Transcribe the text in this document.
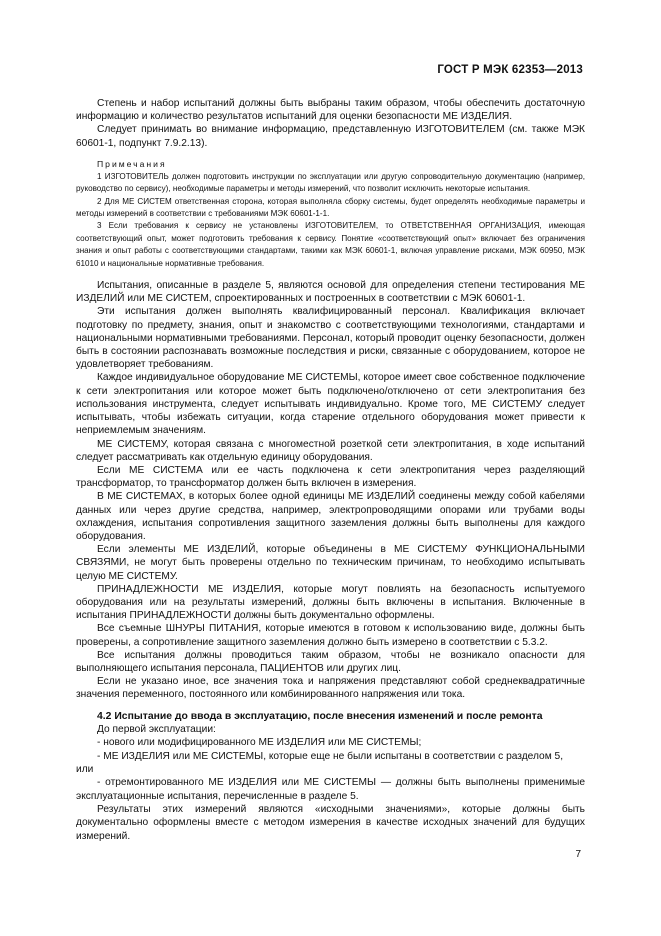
ГОСТ Р МЭК 62353—2013

Степень и набор испытаний должны быть выбраны таким образом, чтобы обеспечить достаточную информацию и количество результатов испытаний для оценки безопасности МЕ ИЗДЕЛИЯ.

Следует принимать во внимание информацию, представленную ИЗГОТОВИТЕЛЕМ (см. также МЭК 60601-1, подпункт 7.9.2.13).

Примечания

1 ИЗГОТОВИТЕЛЬ должен подготовить инструкции по эксплуатации или другую сопроводительную документацию (например, руководство по сервису), необходимые параметры и методы измерений, что позволит исключить некоторые испытания.

2 Для МЕ СИСТЕМ ответственная сторона, которая выполняла сборку системы, будет определять необходимые параметры и методы измерений в соответствии с требованиями МЭК 60601-1-1.

3 Если требования к сервису не установлены ИЗГОТОВИТЕЛЕМ, то ОТВЕТСТВЕННАЯ ОРГАНИЗАЦИЯ, имеющая соответствующий опыт, может подготовить требования к сервису. Понятие «соответствующий опыт» включает без ограничения знания и опыт работы с соответствующими стандартами, такими как МЭК 60601-1, включая управление рисками, МЭК 60950, МЭК 61010 и национальные нормативные требования.

Испытания, описанные в разделе 5, являются основой для определения степени тестирования МЕ ИЗДЕЛИЙ или МЕ СИСТЕМ, спроектированных и построенных в соответствии с МЭК 60601-1.

Эти испытания должен выполнять квалифицированный персонал. Квалификация включает подготовку по предмету, знания, опыт и знакомство с соответствующими технологиями, стандартами и национальными нормативными требованиями. Персонал, который проводит оценку безопасности, должен быть в состоянии распознавать возможные последствия и риски, связанные с оборудованием, которое не удовлетворяет требованиям.

Каждое индивидуальное оборудование МЕ СИСТЕМЫ, которое имеет свое собственное подключение к сети электропитания или которое может быть подключено/отключено от сети электропитания без использования инструмента, следует испытывать индивидуально. Кроме того, МЕ СИСТЕМУ следует испытывать, чтобы избежать ситуации, когда старение отдельного оборудования может привести к неприемлемым значениям.

МЕ СИСТЕМУ, которая связана с многоместной розеткой сети электропитания, в ходе испытаний следует рассматривать как отдельную единицу оборудования.

Если МЕ СИСТЕМА или ее часть подключена к сети электропитания через разделяющий трансформатор, то трансформатор должен быть включен в измерения.

В МЕ СИСТЕМАХ, в которых более одной единицы МЕ ИЗДЕЛИЙ соединены между собой кабелями данных или через другие средства, например, электропроводящими опорами или трубами воды охлаждения, испытания сопротивления защитного заземления должны быть выполнены для каждого оборудования.

Если элементы МЕ ИЗДЕЛИЙ, которые объединены в МЕ СИСТЕМУ ФУНКЦИОНАЛЬНЫМИ СВЯЗЯМИ, не могут быть проверены отдельно по техническим причинам, то необходимо испытывать целую МЕ СИСТЕМУ.

ПРИНАДЛЕЖНОСТИ МЕ ИЗДЕЛИЯ, которые могут повлиять на безопасность испытуемого оборудования или на результаты измерений, должны быть включены в испытания. Включенные в испытания ПРИНАДЛЕЖНОСТИ должны быть документально оформлены.

Все съемные ШНУРЫ ПИТАНИЯ, которые имеются в готовом к использованию виде, должны быть проверены, а сопротивление защитного заземления должно быть измерено в соответствии с 5.3.2.

Все испытания должны проводиться таким образом, чтобы не возникало опасности для выполняющего испытания персонала, ПАЦИЕНТОВ или других лиц.

Если не указано иное, все значения тока и напряжения представляют собой среднеквадратичные значения переменного, постоянного или комбинированного напряжения или тока.

4.2 Испытание до ввода в эксплуатацию, после внесения изменений и после ремонта

До первой эксплуатации:

- нового или модифицированного МЕ ИЗДЕЛИЯ или МЕ СИСТЕМЫ;

- МЕ ИЗДЕЛИЯ или МЕ СИСТЕМЫ, которые еще не были испытаны в соответствии с разделом 5,

или

- отремонтированного МЕ ИЗДЕЛИЯ или МЕ СИСТЕМЫ — должны быть выполнены применимые эксплуатационные испытания, перечисленные в разделе 5.

Результаты этих измерений являются «исходными значениями», которые должны быть документально оформлены вместе с методом измерения в качестве исходных значений для будущих измерений.

7
